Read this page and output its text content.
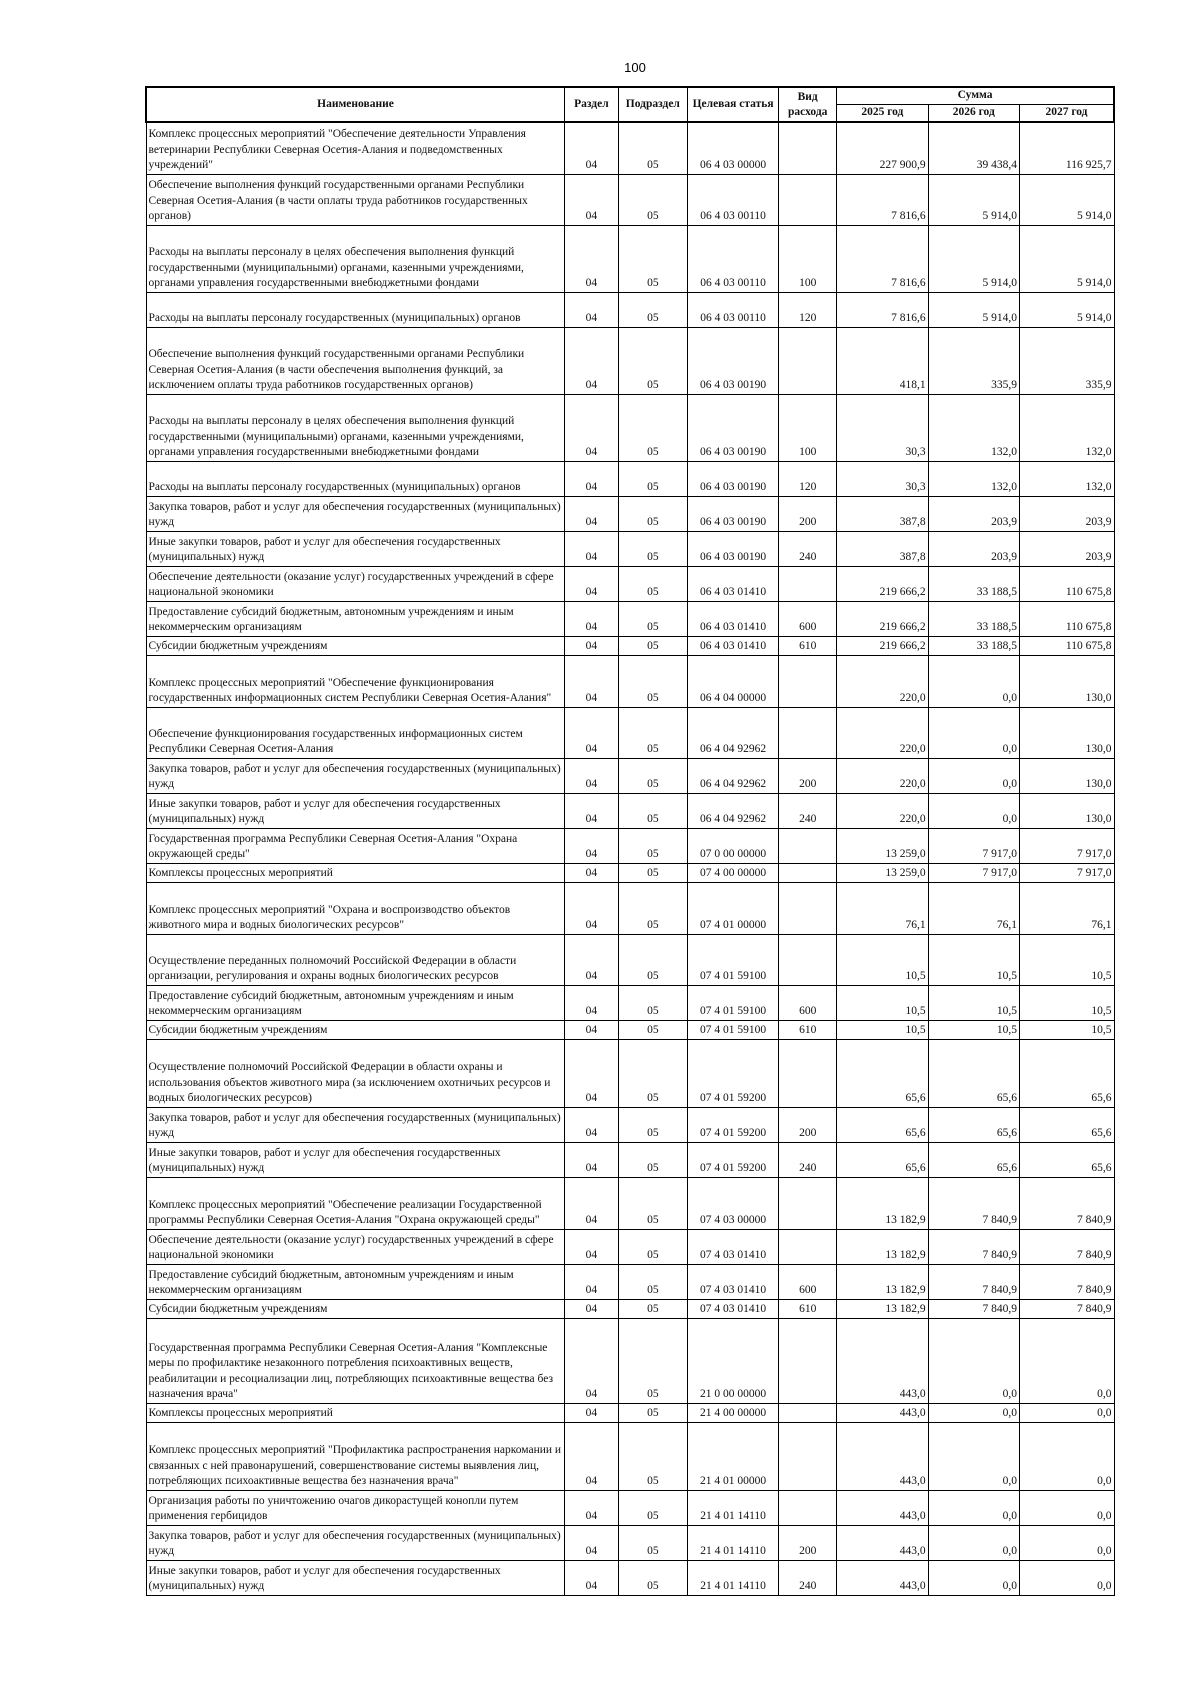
100
Наименование	Раздел	Подраздел	Целевая статья	Вид расхода	Сумма		
					2025 год	2026 год	2027 год
Комплекс процессных мероприятий "Обеспечение деятельности Управления ветеринарии Республики Северная Осетия-Алания и подведомственных учреждений"	04	05	06 4 03 00000		227 900,9	39 438,4	116 925,7
Обеспечение выполнения функций государственными органами Республики Северная Осетия-Алания (в части оплаты труда работников государственных органов)	04	05	06 4 03 00110		7 816,6	5 914,0	5 914,0
Расходы на выплаты персоналу в целях обеспечения выполнения функций государственными (муниципальными) органами, казенными учреждениями, органами управления государственными внебюджетными фондами	04	05	06 4 03 00110	100	7 816,6	5 914,0	5 914,0
Расходы на выплаты персоналу государственных (муниципальных) органов	04	05	06 4 03 00110	120	7 816,6	5 914,0	5 914,0
Обеспечение выполнения функций государственными органами Республики Северная Осетия-Алания (в части обеспечения выполнения функций, за исключением оплаты труда работников государственных органов)	04	05	06 4 03 00190		418,1	335,9	335,9
Расходы на выплаты персоналу в целях обеспечения выполнения функций государственными (муниципальными) органами, казенными учреждениями, органами управления государственными внебюджетными фондами	04	05	06 4 03 00190	100	30,3	132,0	132,0
Расходы на выплаты персоналу государственных (муниципальных) органов	04	05	06 4 03 00190	120	30,3	132,0	132,0
Закупка товаров, работ и услуг для обеспечения государственных (муниципальных) нужд	04	05	06 4 03 00190	200	387,8	203,9	203,9
Иные закупки товаров, работ и услуг для обеспечения государственных (муниципальных) нужд	04	05	06 4 03 00190	240	387,8	203,9	203,9
Обеспечение деятельности (оказание услуг) государственных учреждений в сфере национальной экономики	04	05	06 4 03 01410		219 666,2	33 188,5	110 675,8
Предоставление субсидий бюджетным, автономным учреждениям и иным некоммерческим организациям	04	05	06 4 03 01410	600	219 666,2	33 188,5	110 675,8
Субсидии бюджетным учреждениям	04	05	06 4 03 01410	610	219 666,2	33 188,5	110 675,8
Комплекс процессных мероприятий "Обеспечение функционирования государственных информационных систем Республики Северная Осетия-Алания"	04	05	06 4 04 00000		220,0	0,0	130,0
Обеспечение функционирования государственных информационных систем Республики Северная Осетия-Алания	04	05	06 4 04 92962		220,0	0,0	130,0
Закупка товаров, работ и услуг для обеспечения государственных (муниципальных) нужд	04	05	06 4 04 92962	200	220,0	0,0	130,0
Иные закупки товаров, работ и услуг для обеспечения государственных (муниципальных) нужд	04	05	06 4 04 92962	240	220,0	0,0	130,0
Государственная программа Республики Северная Осетия-Алания "Охрана окружающей среды"	04	05	07 0 00 00000		13 259,0	7 917,0	7 917,0
Комплексы процессных мероприятий	04	05	07 4 00 00000		13 259,0	7 917,0	7 917,0
Комплекс процессных мероприятий "Охрана и воспроизводство объектов животного мира и водных биологических ресурсов"	04	05	07 4 01 00000		76,1	76,1	76,1
Осуществление переданных полномочий Российской Федерации в области организации, регулирования и охраны водных биологических ресурсов	04	05	07 4 01 59100		10,5	10,5	10,5
Предоставление субсидий бюджетным, автономным учреждениям и иным некоммерческим организациям	04	05	07 4 01 59100	600	10,5	10,5	10,5
Субсидии бюджетным учреждениям	04	05	07 4 01 59100	610	10,5	10,5	10,5
Осуществление полномочий Российской Федерации в области охраны и использования объектов животного мира (за исключением охотничьих ресурсов и водных биологических ресурсов)	04	05	07 4 01 59200		65,6	65,6	65,6
Закупка товаров, работ и услуг для обеспечения государственных (муниципальных) нужд	04	05	07 4 01 59200	200	65,6	65,6	65,6
Иные закупки товаров, работ и услуг для обеспечения государственных (муниципальных) нужд	04	05	07 4 01 59200	240	65,6	65,6	65,6
Комплекс процессных мероприятий "Обеспечение реализации Государственной программы Республики Северная Осетия-Алания "Охрана окружающей среды"	04	05	07 4 03 00000		13 182,9	7 840,9	7 840,9
Обеспечение деятельности (оказание услуг) государственных учреждений в сфере национальной экономики	04	05	07 4 03 01410		13 182,9	7 840,9	7 840,9
Предоставление субсидий бюджетным, автономным учреждениям и иным некоммерческим организациям	04	05	07 4 03 01410	600	13 182,9	7 840,9	7 840,9
Субсидии бюджетным учреждениям	04	05	07 4 03 01410	610	13 182,9	7 840,9	7 840,9
Государственная программа Республики Северная Осетия-Алания "Комплексные меры по профилактике незаконного потребления психоактивных веществ, реабилитации и ресоциализации лиц, потребляющих психоактивные вещества без назначения врача"	04	05	21 0 00 00000		443,0	0,0	0,0
Комплексы процессных мероприятий	04	05	21 4 00 00000		443,0	0,0	0,0
Комплекс процессных мероприятий "Профилактика распространения наркомании и связанных с ней правонарушений, совершенствование системы выявления лиц, потребляющих психоактивные вещества без назначения врача"	04	05	21 4 01 00000		443,0	0,0	0,0
Организация работы по уничтожению очагов дикорастущей конопли путем применения гербицидов	04	05	21 4 01 14110		443,0	0,0	0,0
Закупка товаров, работ и услуг для обеспечения государственных (муниципальных) нужд	04	05	21 4 01 14110	200	443,0	0,0	0,0
Иные закупки товаров, работ и услуг для обеспечения государственных (муниципальных) нужд	04	05	21 4 01 14110	240	443,0	0,0	0,0
